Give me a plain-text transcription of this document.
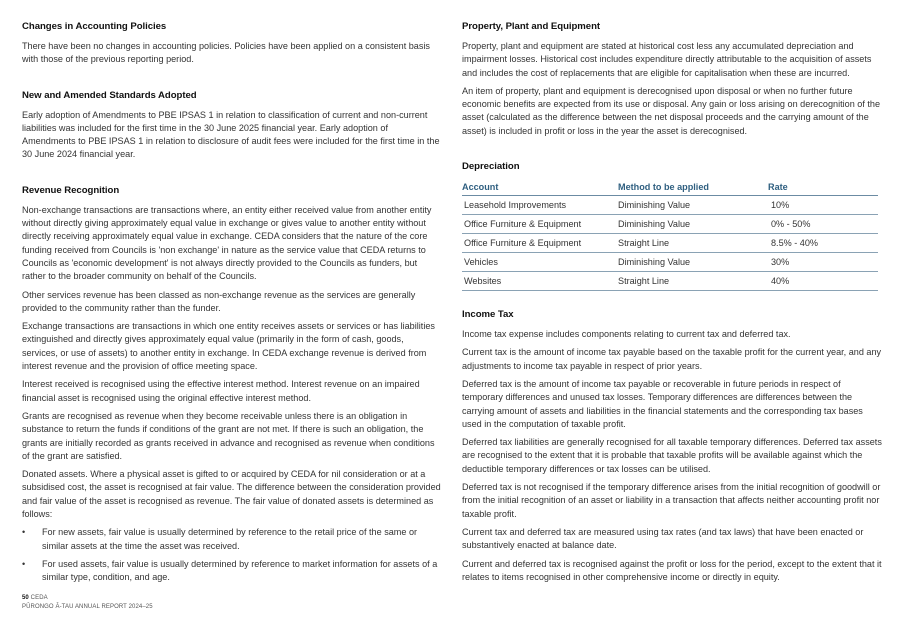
Changes in Accounting Policies

There have been no changes in accounting policies. Policies have been applied on a consistent basis with those of the previous reporting period.

New and Amended Standards Adopted

Early adoption of Amendments to PBE IPSAS 1 in relation to classification of current and non-current liabilities was included for the first time in the 30 June 2025 financial year. Early adoption of Amendments to PBE IPSAS 1 in relation to disclosure of audit fees were included for the first time in the 30 June 2024 financial year.

Revenue Recognition

Non-exchange transactions are transactions where, an entity either received value from another entity without directly giving approximately equal value in exchange or gives value to another entity without directly receiving approximately equal value in exchange. CEDA considers that the nature of the core funding received from Councils is 'non exchange' in nature as the service value that CEDA returns to Councils as 'economic development' is not always directly provided to the Councils as funders, but rather to the broader community on behalf of the Councils.

Other services revenue has been classed as non-exchange revenue as the services are generally provided to the community rather than the funder.

Exchange transactions are transactions in which one entity receives assets or services or has liabilities extinguished and directly gives approximately equal value (primarily in the form of cash, goods, services, or use of assets) to another entity in exchange. In CEDA exchange revenue is derived from interest revenue and the provision of office meeting space.

Interest received is recognised using the effective interest method. Interest revenue on an impaired financial asset is recognised using the original effective interest method.

Grants are recognised as revenue when they become receivable unless there is an obligation in substance to return the funds if conditions of the grant are not met. If there is such an obligation, the grants are initially recorded as grants received in advance and recognised as revenue when conditions of the grant are satisfied.

Donated assets. Where a physical asset is gifted to or acquired by CEDA for nil consideration or at a subsidised cost, the asset is recognised at fair value. The difference between the consideration provided and fair value of the asset is recognised as revenue. The fair value of donated assets is determined as follows:

• For new assets, fair value is usually determined by reference to the retail price of the same or similar assets at the time the asset was received.
• For used assets, fair value is usually determined by reference to market information for assets of a similar type, condition, and age.
Property, Plant and Equipment

Property, plant and equipment are stated at historical cost less any accumulated depreciation and impairment losses. Historical cost includes expenditure directly attributable to the acquisition of assets and includes the cost of replacements that are eligible for capitalisation when these are incurred.

An item of property, plant and equipment is derecognised upon disposal or when no further future economic benefits are expected from its use or disposal. Any gain or loss arising on derecognition of the asset (calculated as the difference between the net disposal proceeds and the carrying amount of the asset) is included in profit or loss in the year the asset is derecognised.

Depreciation
Account	Method to be applied	Rate
Leasehold Improvements	Diminishing Value	10%
Office Furniture & Equipment	Diminishing Value	0% - 50%
Office Furniture & Equipment	Straight Line	8.5% - 40%
Vehicles	Diminishing Value	30%
Websites	Straight Line	40%
Income Tax

Income tax expense includes components relating to current tax and deferred tax.

Current tax is the amount of income tax payable based on the taxable profit for the current year, and any adjustments to income tax payable in respect of prior years.

Deferred tax is the amount of income tax payable or recoverable in future periods in respect of temporary differences and unused tax losses. Temporary differences are differences between the carrying amount of assets and liabilities in the financial statements and the corresponding tax bases used in the computation of taxable profit.

Deferred tax liabilities are generally recognised for all taxable temporary differences. Deferred tax assets are recognised to the extent that it is probable that taxable profits will be available against which the deductible temporary differences or tax losses can be utilised.

Deferred tax is not recognised if the temporary difference arises from the initial recognition of goodwill or from the initial recognition of an asset or liability in a transaction that affects neither accounting profit nor taxable profit.

Current tax and deferred tax are measured using tax rates (and tax laws) that have been enacted or substantively enacted at balance date.

Current and deferred tax is recognised against the profit or loss for the period, except to the extent that it relates to items recognised in other comprehensive income or directly in equity.

50 CEDA
PŪRONGO Ā-TAU ANNUAL REPORT 2024–25
